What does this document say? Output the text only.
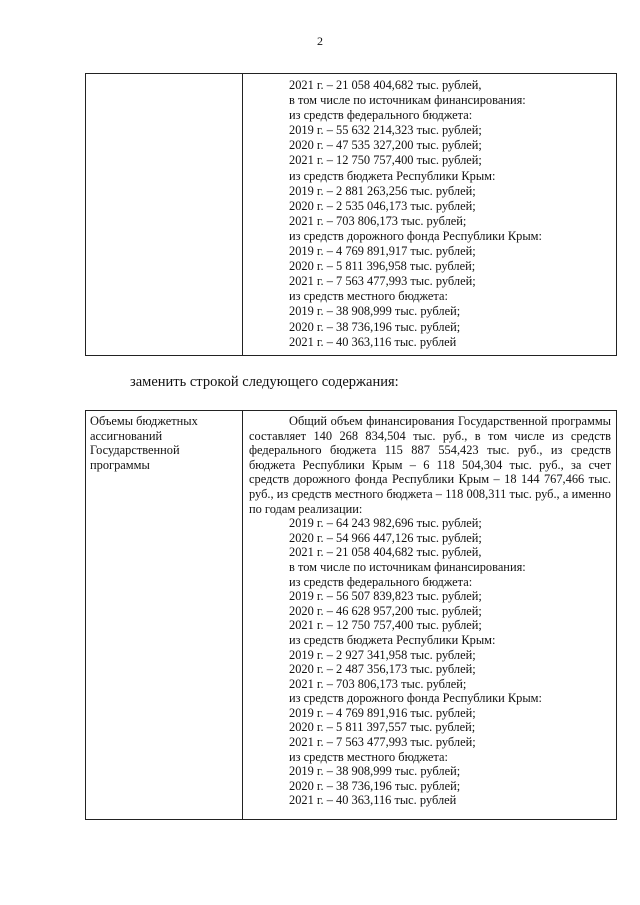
2
2021 г. – 21 058 404,682 тыс. рублей,
в том числе по источникам финансирования:
из средств федерального бюджета:
2019 г. – 55 632 214,323 тыс. рублей;
2020 г. – 47 535 327,200 тыс. рублей;
2021 г. – 12 750 757,400 тыс. рублей;
из средств бюджета Республики Крым:
2019 г. – 2 881 263,256 тыс. рублей;
2020 г. – 2 535 046,173 тыс. рублей;
2021 г. – 703 806,173 тыс. рублей;
из средств дорожного фонда Республики Крым:
2019 г. – 4 769 891,917 тыс. рублей;
2020 г. – 5 811 396,958 тыс. рублей;
2021 г. – 7 563 477,993 тыс. рублей;
из средств местного бюджета:
2019 г. – 38 908,999 тыс. рублей;
2020 г. – 38 736,196 тыс. рублей;
2021 г. – 40 363,116 тыс. рублей
заменить строкой следующего содержания:
Объемы бюджетных ассигнований Государственной программы
Общий объем финансирования Государственной программы составляет 140 268 834,504 тыс. руб., в том числе из средств федерального бюджета 115 887 554,423 тыс. руб., из средств бюджета Республики Крым – 6 118 504,304 тыс. руб., за счет средств дорожного фонда Республики Крым – 18 144 767,466 тыс. руб., из средств местного бюджета – 118 008,311 тыс. руб., а именно по годам реализации:
2019 г. – 64 243 982,696 тыс. рублей;
2020 г. – 54 966 447,126 тыс. рублей;
2021 г. – 21 058 404,682 тыс. рублей,
в том числе по источникам финансирования:
из средств федерального бюджета:
2019 г. – 56 507 839,823 тыс. рублей;
2020 г. – 46 628 957,200 тыс. рублей;
2021 г. – 12 750 757,400 тыс. рублей;
из средств бюджета Республики Крым:
2019 г. – 2 927 341,958 тыс. рублей;
2020 г. – 2 487 356,173 тыс. рублей;
2021 г. – 703 806,173 тыс. рублей;
из средств дорожного фонда Республики Крым:
2019 г. – 4 769 891,916 тыс. рублей;
2020 г. – 5 811 397,557 тыс. рублей;
2021 г. – 7 563 477,993 тыс. рублей;
из средств местного бюджета:
2019 г. – 38 908,999 тыс. рублей;
2020 г. – 38 736,196 тыс. рублей;
2021 г. – 40 363,116 тыс. рублей
